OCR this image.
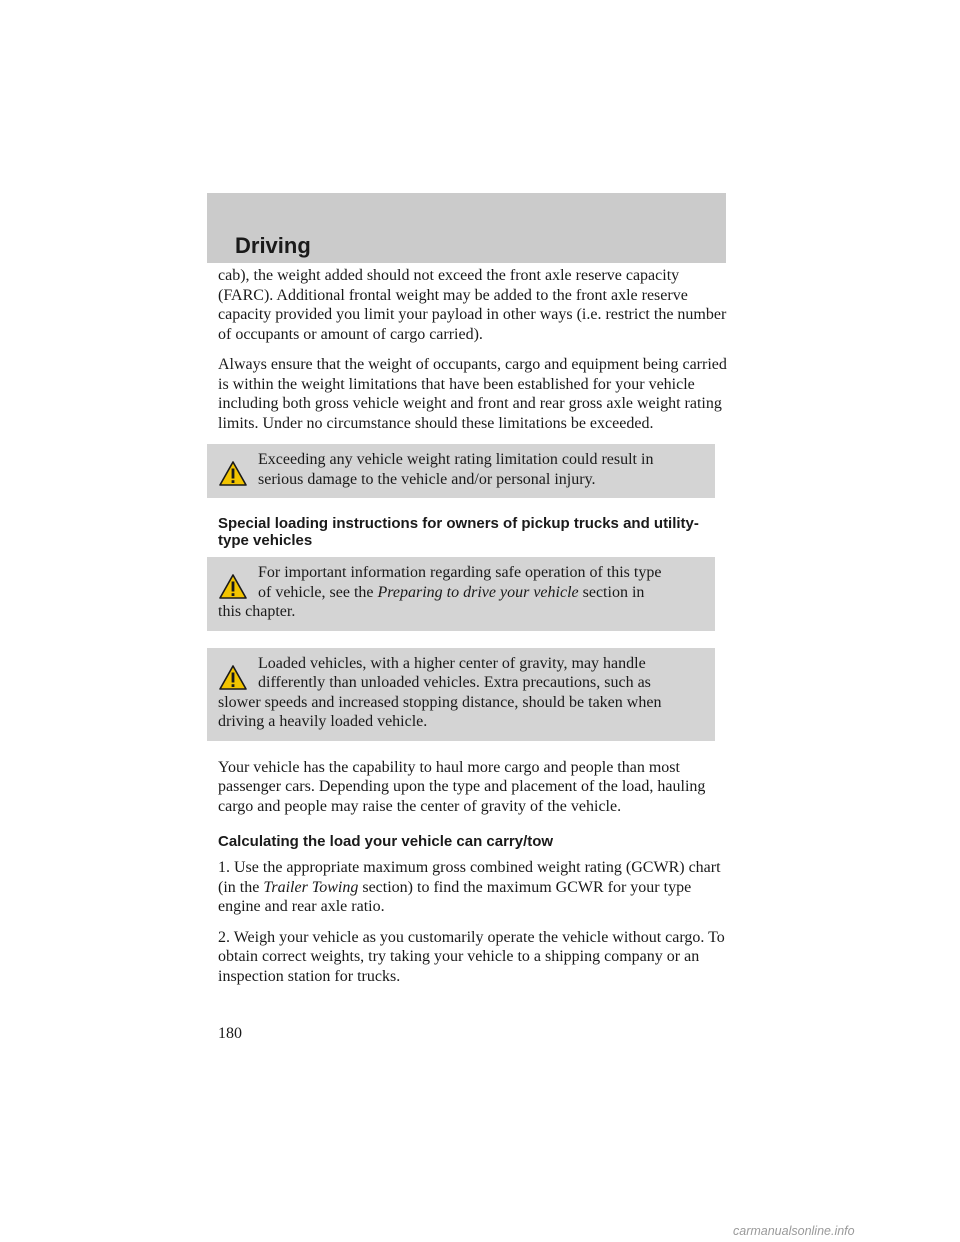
Driving

cab), the weight added should not exceed the front axle reserve capacity (FARC). Additional frontal weight may be added to the front axle reserve capacity provided you limit your payload in other ways (i.e. restrict the number of occupants or amount of cargo carried).

Always ensure that the weight of occupants, cargo and equipment being carried is within the weight limitations that have been established for your vehicle including both gross vehicle weight and front and rear gross axle weight rating limits. Under no circumstance should these limitations be exceeded.

Exceeding any vehicle weight rating limitation could result in
serious damage to the vehicle and/or personal injury.
Special loading instructions for owners of pickup trucks and utility-type vehicles
For important information regarding safe operation of this type
of vehicle, see the Preparing to drive your vehicle section in
this chapter.
Loaded vehicles, with a higher center of gravity, may handle
differently than unloaded vehicles. Extra precautions, such as
slower speeds and increased stopping distance, should be taken when driving a heavily loaded vehicle.

Your vehicle has the capability to haul more cargo and people than most passenger cars. Depending upon the type and placement of the load, hauling cargo and people may raise the center of gravity of the vehicle.

Calculating the load your vehicle can carry/tow

1. Use the appropriate maximum gross combined weight rating (GCWR) chart (in the Trailer Towing section) to find the maximum GCWR for your type engine and rear axle ratio.

2. Weigh your vehicle as you customarily operate the vehicle without cargo. To obtain correct weights, try taking your vehicle to a shipping company or an inspection station for trucks.

180
carmanualsonline.info
